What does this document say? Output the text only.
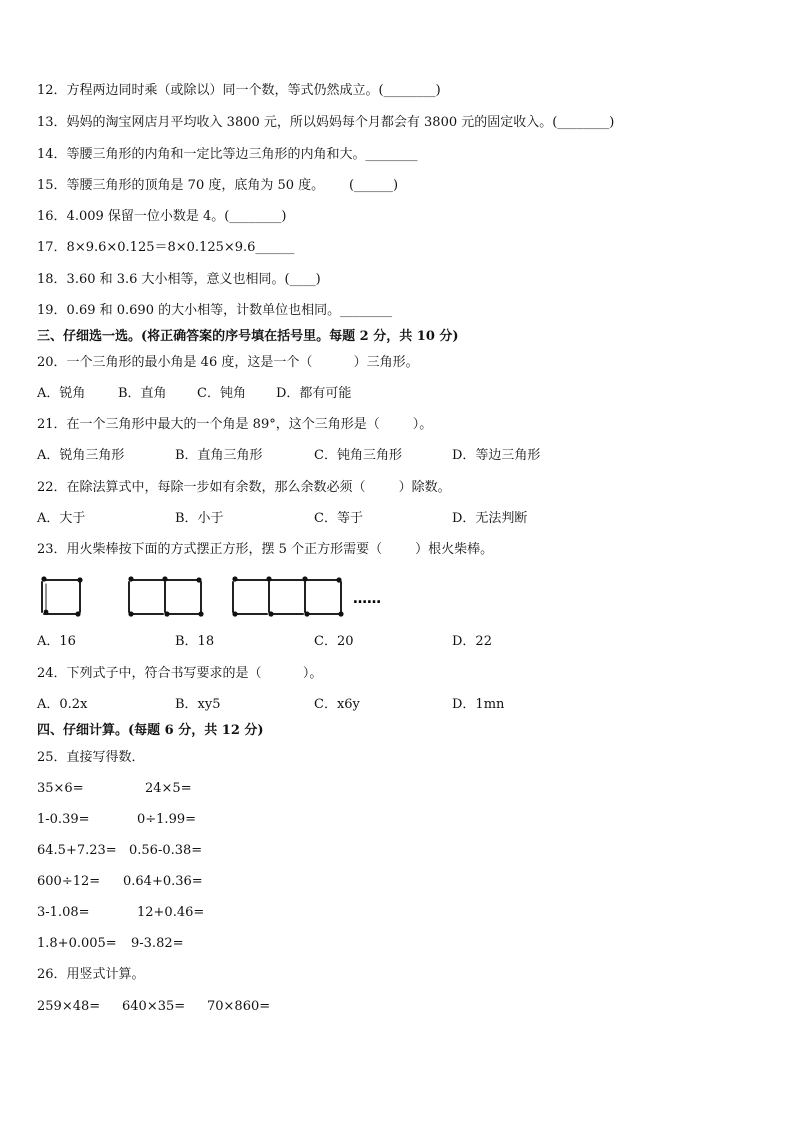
12．方程两边同时乘（或除以）同一个数，等式仍然成立。(________)
13．妈妈的淘宝网店月平均收入 3800 元，所以妈妈每个月都会有 3800 元的固定收入。(________)
14．等腰三角形的内角和一定比等边三角形的内角和大。________
15．等腰三角形的顶角是 70 度，底角为 50 度。      (______)
16．4.009 保留一位小数是 4。(________)
17．8×9.6×0.125＝8×0.125×9.6______
18．3.60 和 3.6 大小相等，意义也相同。(____)
19．0.69 和 0.690 的大小相等，计数单位也相同。________
三、仔细选一选。(将正确答案的序号填在括号里。每题 2 分，共 10 分)
20．一个三角形的最小角是 46 度，这是一个（          ）三角形。
A．锐角	B．直角 C．钝角 D．都有可能
21．在一个三角形中最大的一个角是 89°，这个三角形是（        ）。
A．锐角三角形	B．直角三角形	C．钝角三角形	D．等边三角形
22．在除法算式中，每除一步如有余数，那么余数必须（        ）除数。
A．大于	B．小于	C．等于	D．无法判断
23．用火柴棒按下面的方式摆正方形，摆 5 个正方形需要（        ）根火柴棒。
……
A．16	B．18	C．20	D．22
24．下列式子中，符合书写要求的是（          ）。
A．0.2x	B．xy5	C．x6y	D．1mn
四、仔细计算。(每题 6 分，共 12 分)
25．直接写得数．
35×6=	24×5=
1-0.39=	0÷1.99=
64.5+7.23= 0.56-0.38=
600÷12= 0.64+0.36=
3-1.08=	12+0.46=
1.8+0.005= 9-3.82=
26．用竖式计算。
259×48= 640×35= 70×860=
